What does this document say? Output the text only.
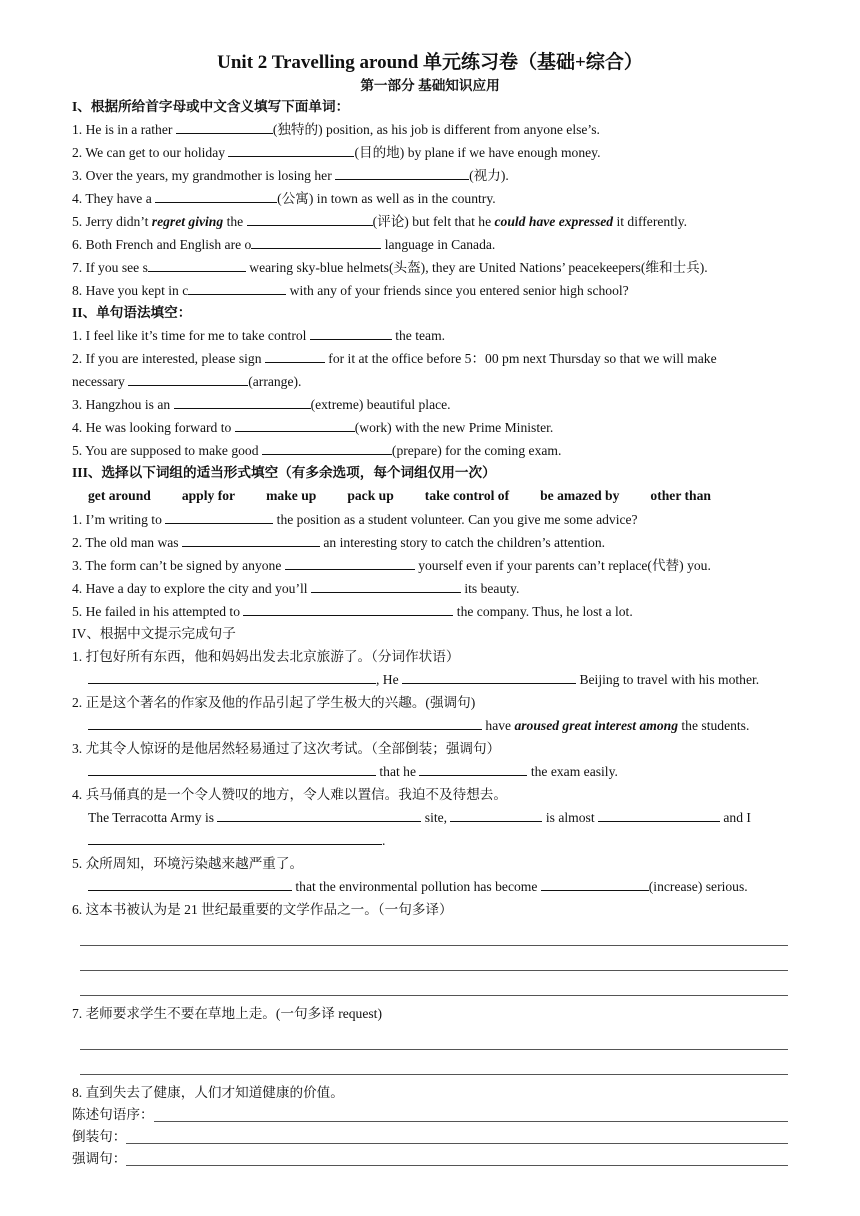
Unit 2 Travelling around 单元练习卷（基础+综合）
第一部分 基础知识应用
I、根据所给首字母或中文含义填写下面单词：
1. He is in a rather	(独特的) position, as his job is different from anyone else’s.
2. We can get to our holiday	(目的地) by plane if we have enough money.
3. Over the years, my grandmother is losing her	(视力).
4. They have a	(公寓) in town as well as in the country.
5. Jerry didn’t regret giving the	(评论) but felt that he could have expressed it differently.
6. Both French and English are o	language in Canada.
7. If you see s	wearing sky-blue helmets(头盔), they are United Nations’ peacekeepers(维和士兵).
8. Have you kept in c	with any of your friends since you entered senior high school?
II、单句语法填空：
1. I feel like it’s time for me to take control	the team.
2. If you are interested, please sign	for it at the office before 5：00 pm next Thursday so that we will make
necessary	(arrange).
3. Hangzhou is an	(extreme) beautiful place.
4. He was looking forward to	(work) with the new Prime Minister.
5. You are supposed to make good	(prepare) for the coming exam.
III、选择以下词组的适当形式填空（有多余选项，每个词组仅用一次）
get around apply for make up pack up take control of be amazed by other than
1. I’m writing to	the position as a student volunteer. Can you give me some advice?
2. The old man was	an interesting story to catch the children’s attention.
3. The form can’t be signed by anyone	yourself even if your parents can’t replace(代替) you.
4. Have a day to explore the city and you’ll	its beauty.
5. He failed in his attempted to	the company. Thus, he lost a lot.
IV、根据中文提示完成句子
1. 打包好所有东西，他和妈妈出发去北京旅游了。（分词作状语）
, He	Beijing to travel with his mother.
2. 正是这个著名的作家及他的作品引起了学生极大的兴趣。(强调句)
have aroused great interest among the students.
3. 尤其令人惊讶的是他居然轻易通过了这次考试。（全部倒装；强调句）
that he	the exam easily.
4. 兵马俑真的是一个令人赞叹的地方，令人难以置信。我迫不及待想去。
The Terracotta Army is	site,	is almost	and I
.
5. 众所周知，环境污染越来越严重了。
that the environmental pollution has become	(increase) serious.
6. 这本书被认为是 21 世纪最重要的文学作品之一。（一句多译）
7. 老师要求学生不要在草地上走。(一句多译 request)
8. 直到失去了健康，人们才知道健康的价值。
陈述句语序：
倒装句：
强调句：
